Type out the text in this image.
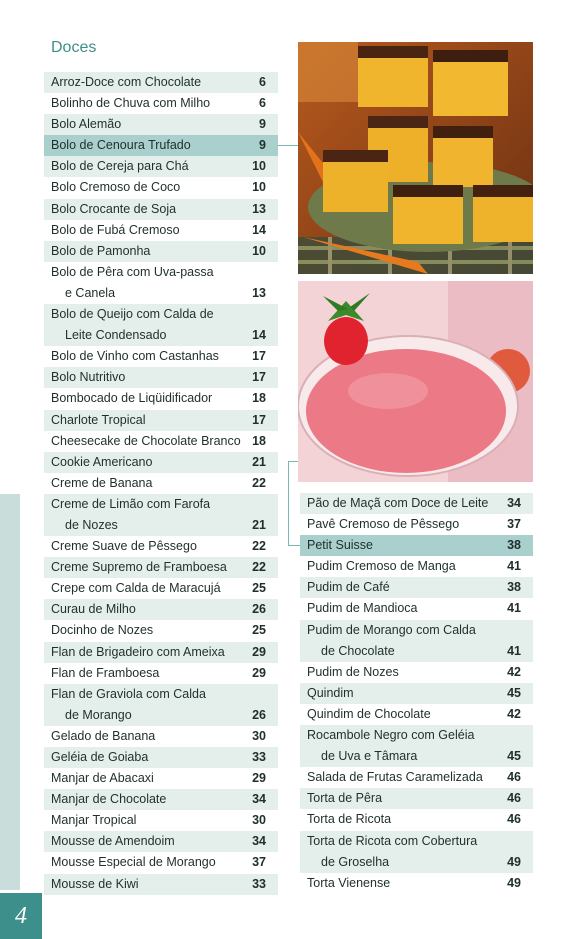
4
Doces
Arroz-Doce com Chocolate	6
Bolinho de Chuva com Milho	6
Bolo Alemão	9
Bolo de Cenoura Trufado	9
Bolo de Cereja para Chá	10
Bolo Cremoso de Coco	10
Bolo Crocante de Soja	13
Bolo de Fubá Cremoso	14
Bolo de Pamonha	10
Bolo de Pêra com Uva-passa
e Canela	13
Bolo de Queijo com Calda de
Leite Condensado	14
Bolo de Vinho com Castanhas	17
Bolo Nutritivo	17
Bombocado de Liqüidificador	18
Charlote Tropical	17
Cheesecake de Chocolate Branco 18
Cookie Americano	21
Creme de Banana	22
Creme de Limão com Farofa
de Nozes	21
Creme Suave de Pêssego	22
Creme Supremo de Framboesa 22
Crepe com Calda de Maracujá	25
Curau de Milho	26
Docinho de Nozes	25
Flan de Brigadeiro com Ameixa 29
Flan de Framboesa	29
Flan de Graviola com Calda
de Morango	26
Gelado de Banana	30
Geléia de Goiaba	33
Manjar de Abacaxi	29
Manjar de Chocolate	34
Manjar Tropical	30
Mousse de Amendoim	34
Mousse Especial de Morango	37
Mousse de Kiwi	33
Pão de Maçã com Doce de Leite 34
Pavê Cremoso de Pêssego	37
Petit Suisse	38
Pudim Cremoso de Manga	41
Pudim de Café	38
Pudim de Mandioca	41
Pudim de Morango com Calda
de Chocolate	41
Pudim de Nozes	42
Quindim	45
Quindim de Chocolate	42
Rocambole Negro com Geléia
de Uva e Tâmara	45
Salada de Frutas Caramelizada 46
Torta de Pêra	46
Torta de Ricota	46
Torta de Ricota com Cobertura
de Groselha	49
Torta Vienense	49
